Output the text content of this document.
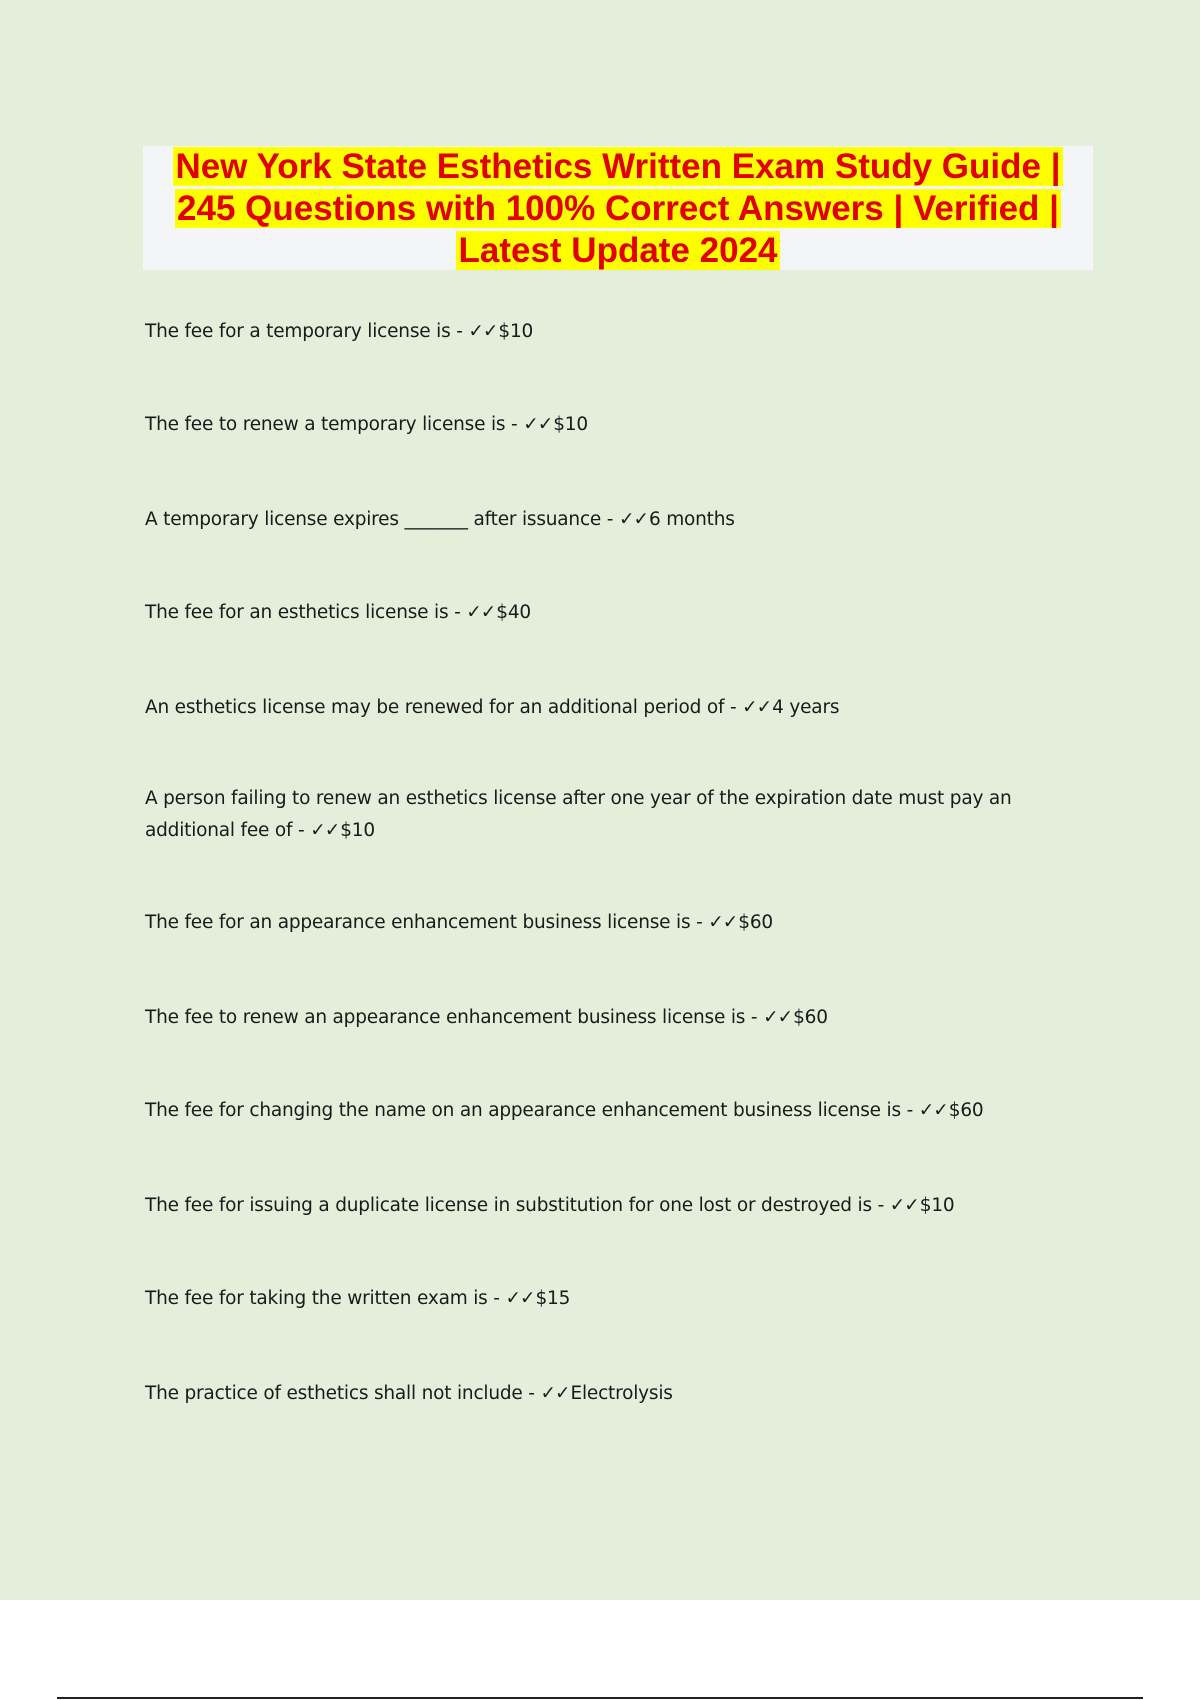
New York State Esthetics Written Exam Study Guide | 245 Questions with 100% Correct Answers | Verified | Latest Update 2024
The fee for a temporary license is - ✓✓$10
The fee to renew a temporary license is - ✓✓$10
A temporary license expires _______ after issuance - ✓✓6 months
The fee for an esthetics license is - ✓✓$40
An esthetics license may be renewed for an additional period of - ✓✓4 years
A person failing to renew an esthetics license after one year of the expiration date must pay an additional fee of - ✓✓$10
The fee for an appearance enhancement business license is - ✓✓$60
The fee to renew an appearance enhancement business license is - ✓✓$60
The fee for changing the name on an appearance enhancement business license is - ✓✓$60
The fee for issuing a duplicate license in substitution for one lost or destroyed is - ✓✓$10
The fee for taking the written exam is - ✓✓$15
The practice of esthetics shall not include - ✓✓Electrolysis
